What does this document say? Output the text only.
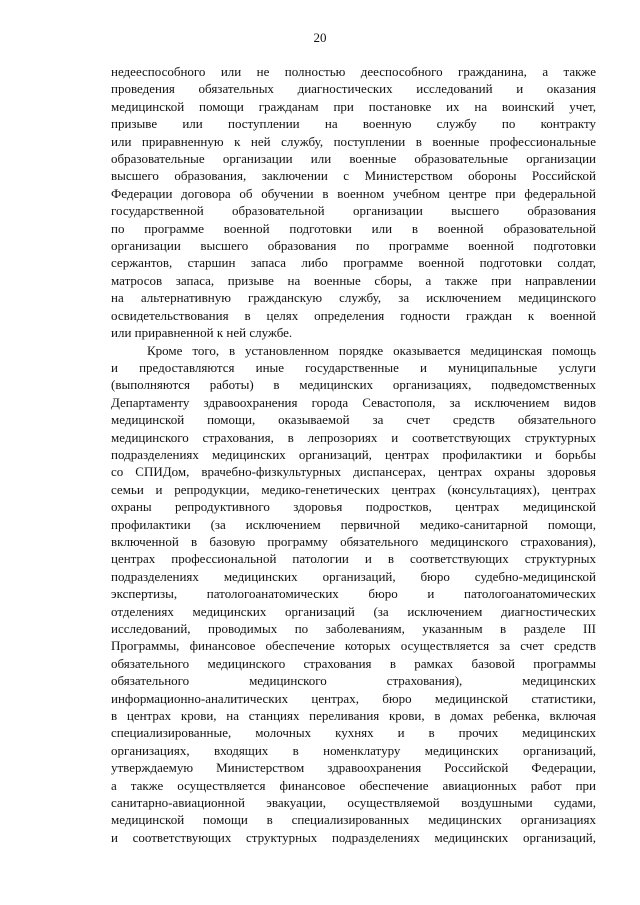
20

недееспособного или не полностью дееспособного гражданина, а также
проведения обязательных диагностических исследований и оказания
медицинской помощи гражданам при постановке их на воинский учет,
призыве или поступлении на военную службу по контракту
или приравненную к ней службу, поступлении в военные профессиональные
образовательные организации или военные образовательные организации
высшего образования, заключении с Министерством обороны Российской
Федерации договора об обучении в военном учебном центре при федеральной
государственной образовательной организации высшего образования
по программе военной подготовки или в военной образовательной
организации высшего образования по программе военной подготовки
сержантов, старшин запаса либо программе военной подготовки солдат,
матросов запаса, призыве на военные сборы, а также при направлении
на альтернативную гражданскую службу, за исключением медицинского
освидетельствования в целях определения годности граждан к военной
или приравненной к ней службе.

Кроме того, в установленном порядке оказывается медицинская помощь
и предоставляются иные государственные и муниципальные услуги
(выполняются работы) в медицинских организациях, подведомственных
Департаменту здравоохранения города Севастополя, за исключением видов
медицинской помощи, оказываемой за счет средств обязательного
медицинского страхования, в лепрозориях и соответствующих структурных
подразделениях медицинских организаций, центрах профилактики и борьбы
со СПИДом, врачебно-физкультурных диспансерах, центрах охраны здоровья
семьи и репродукции, медико-генетических центрах (консультациях), центрах
охраны репродуктивного здоровья подростков, центрах медицинской
профилактики (за исключением первичной медико-санитарной помощи,
включенной в базовую программу обязательного медицинского страхования),
центрах профессиональной патологии и в соответствующих структурных
подразделениях медицинских организаций, бюро судебно-медицинской
экспертизы, патологоанатомических бюро и патологоанатомических
отделениях медицинских организаций (за исключением диагностических
исследований, проводимых по заболеваниям, указанным в разделе III
Программы, финансовое обеспечение которых осуществляется за счет средств
обязательного медицинского страхования в рамках базовой программы
обязательного медицинского страхования), медицинских
информационно-аналитических центрах, бюро медицинской статистики,
в центрах крови, на станциях переливания крови, в домах ребенка, включая
специализированные, молочных кухнях и в прочих медицинских
организациях, входящих в номенклатуру медицинских организаций,
утверждаемую Министерством здравоохранения Российской Федерации,
а также осуществляется финансовое обеспечение авиационных работ при
санитарно-авиационной эвакуации, осуществляемой воздушными судами,
медицинской помощи в специализированных медицинских организациях
и соответствующих структурных подразделениях медицинских организаций,
